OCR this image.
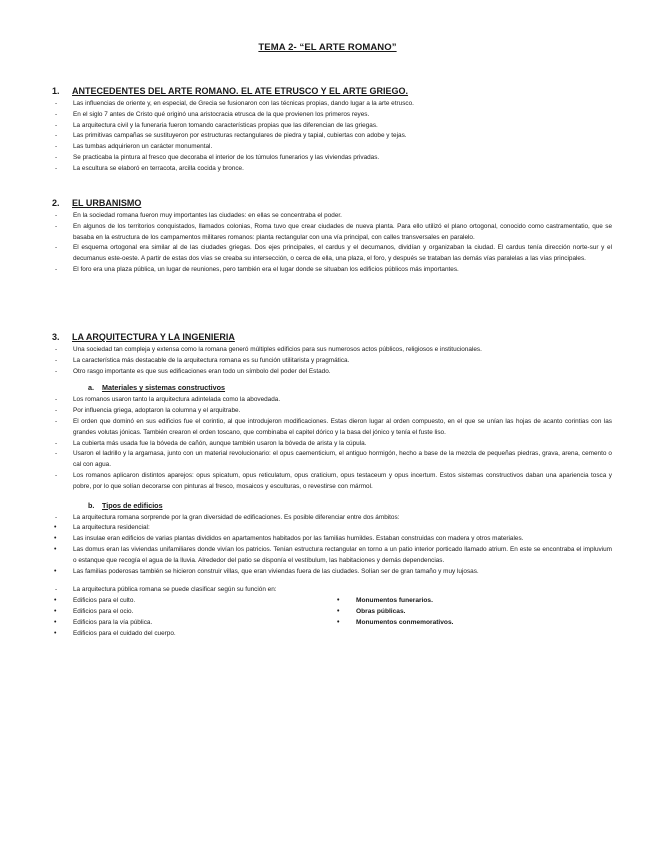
TEMA 2- “EL ARTE ROMANO”
1. ANTECEDENTES DEL ARTE ROMANO. EL ATE ETRUSCO Y EL ARTE GRIEGO.
- Las influencias de oriente y, en especial, de Grecia se fusionaron con las técnicas propias, dando lugar a la arte etrusco.
- En el siglo 7 antes de Cristo qué originó una aristocracia etrusca de la que provienen los primeros reyes.
- La arquitectura civil y la funeraria fueron tomando características propias que las diferencian de las griegas.
- Las primitivas campañas se sustituyeron por estructuras rectangulares de piedra y tapial, cubiertas con adobe y tejas.
- Las tumbas adquirieron un carácter monumental.
- Se practicaba la pintura al fresco que decoraba el interior de los túmulos funerarios y las viviendas privadas.
- La escultura se elaboró en terracota, arcilla cocida y bronce.
2. EL URBANISMO
- En la sociedad romana fueron muy importantes las ciudades: en ellas se concentraba el poder.
- En algunos de los territorios conquistados, llamados colonias, Roma tuvo que crear ciudades de nueva planta. Para ello utilizó el plano ortogonal, conocido como castramentatio, que se basaba en la estructura de los campamentos militares romanos: planta rectangular con una vía principal, con calles transversales en paralelo.
- El esquema ortogonal era similar al de las ciudades griegas. Dos ejes principales, el cardus y el decumanos, dividían y organizaban la ciudad. El cardus tenía dirección norte-sur y el decumanus este-oeste. A partir de estas dos vías se creaba su intersección, o cerca de ella, una plaza, el foro, y después se trataban las demás vías paralelas a las vías principales.
- El foro era una plaza pública, un lugar de reuniones, pero también era el lugar donde se situaban los edificios públicos más importantes.
3. LA ARQUITECTURA Y LA INGENIERIA
- Una sociedad tan compleja y extensa como la romana generó múltiples edificios para sus numerosos actos públicos, religiosos e institucionales.
- La característica más destacable de la arquitectura romana es su función utilitarista y pragmática.
- Otro rasgo importante es que sus edificaciones eran todo un símbolo del poder del Estado.
a. Materiales y sistemas constructivos
- Los romanos usaron tanto la arquitectura adintelada como la abovedada.
- Por influencia griega, adoptaron la columna y el arquitrabe.
- El orden que dominó en sus edificios fue el corintio, al que introdujeron modificaciones. Estas dieron lugar al orden compuesto, en el que se unían las hojas de acanto corintias con las grandes volutas jónicas. También crearon el orden toscano, que combinaba el capitel dórico y la basa del jónico y tenía el fuste liso.
- La cubierta más usada fue la bóveda de cañón, aunque también usaron la bóveda de arista y la cúpula.
- Usaron el ladrillo y la argamasa, junto con un material revolucionario: el opus caementicium, el antiguo hormigón, hecho a base de la mezcla de pequeñas piedras, grava, arena, cemento o cal con agua.
- Los romanos aplicaron distintos aparejos: opus spicatum, opus reticulatum, opus craticium, opus testaceum y opus incertum. Estos sistemas constructivos daban una apariencia tosca y pobre, por lo que solían decorarse con pinturas al fresco, mosaicos y esculturas, o revestirse con mármol.
b. Tipos de edificios
- La arquitectura romana sorprende por la gran diversidad de edificaciones. Es posible diferenciar entre dos ámbitos:
• La arquitectura residencial:
• Las insulae eran edificios de varias plantas divididos en apartamentos habitados por las familias humildes. Estaban construidas con madera y otros materiales.
• Las domus eran las viviendas unifamiliares donde vivían los patricios. Tenían estructura rectangular en torno a un patio interior porticado llamado atrium. En este se encontraba el impluvium o estanque que recogía el agua de la lluvia. Alrededor del patio se disponía el vestíbulum, las habitaciones y demás dependencias.
• Las familias poderosas también se hicieron construir villas, que eran viviendas fuera de las ciudades. Solían ser de gran tamaño y muy lujosas.
- La arquitectura pública romana se puede clasificar según su función en:
• Edificios para el culto.
• Edificios para el ocio.
• Edificios para la vía pública.
• Edificios para el cuidado del cuerpo.
• Monumentos funerarios.
• Obras públicas.
• Monumentos conmemorativos.
